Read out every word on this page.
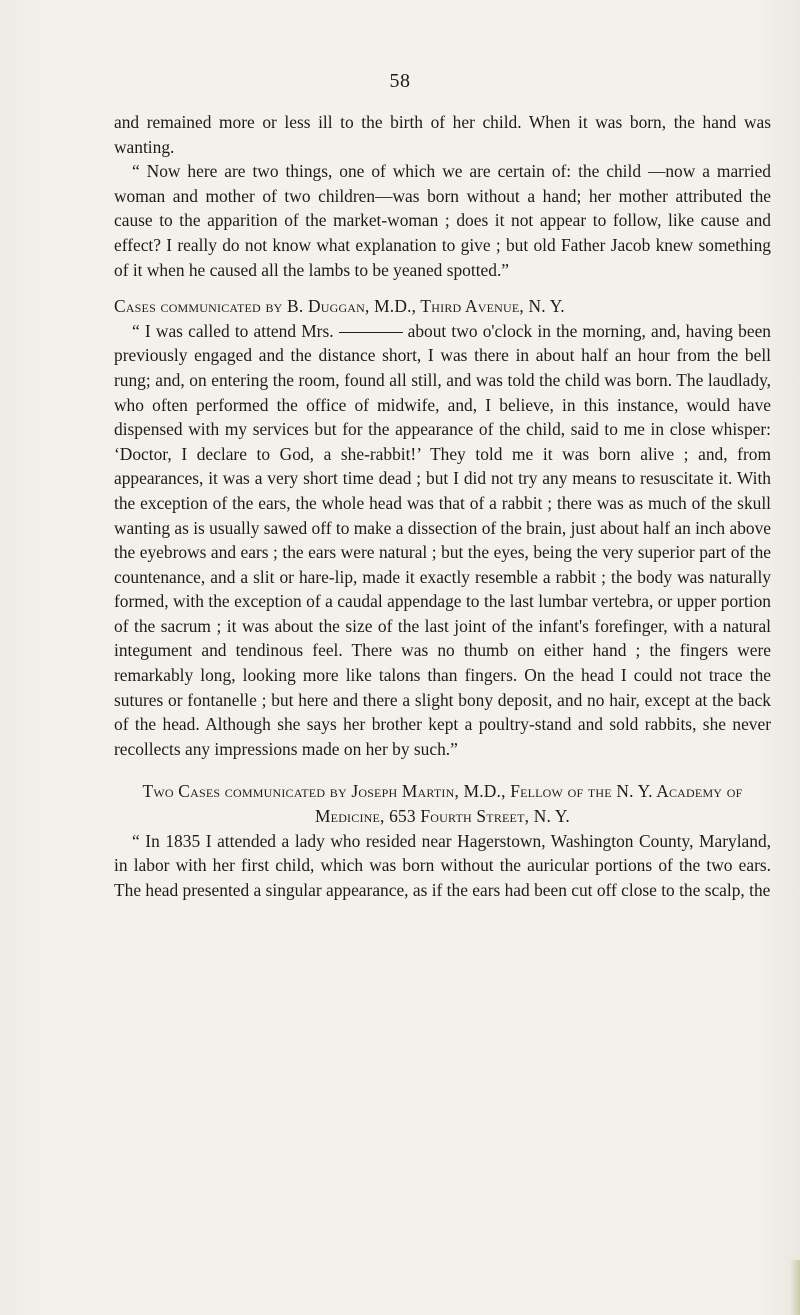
58

and remained more or less ill to the birth of her child. When it was born, the hand was wanting.

“ Now here are two things, one of which we are certain of: the child —now a married woman and mother of two children—was born without a hand; her mother attributed the cause to the apparition of the market-woman ; does it not appear to follow, like cause and effect? I really do not know what explanation to give ; but old Father Jacob knew something of it when he caused all the lambs to be yeaned spotted.”

Cases communicated by B. Duggan, M.D., Third Avenue, N. Y.

“ I was called to attend Mrs.	about two o'clock in the morning, and, having been previously engaged and the distance short, I was there in about half an hour from the bell rung; and, on entering the room, found all still, and was told the child was born. The laudlady, who often performed the office of midwife, and, I believe, in this instance, would have dispensed with my services but for the appearance of the child, said to me in close whisper: ‘Doctor, I declare to God, a she-rabbit!’ They told me it was born alive ; and, from appearances, it was a very short time dead ; but I did not try any means to resuscitate it. With the exception of the ears, the whole head was that of a rabbit ; there was as much of the skull wanting as is usually sawed off to make a dissection of the brain, just about half an inch above the eyebrows and ears ; the ears were natural ; but the eyes, being the very superior part of the countenance, and a slit or hare-lip, made it exactly resemble a rabbit ; the body was naturally formed, with the exception of a caudal appendage to the last lumbar vertebra, or upper portion of the sacrum ; it was about the size of the last joint of the infant's forefinger, with a natural integument and tendinous feel. There was no thumb on either hand ; the fingers were remarkably long, looking more like talons than fingers. On the head I could not trace the sutures or fontanelle ; but here and there a slight bony deposit, and no hair, except at the back of the head. Although she says her brother kept a poultry-stand and sold rabbits, she never recollects any impressions made on her by such.”

Two Cases communicated by Joseph Martin, M.D., Fellow of the N. Y. Academy of Medicine, 653 Fourth Street, N. Y.

“ In 1835 I attended a lady who resided near Hagerstown, Washington County, Maryland, in labor with her first child, which was born without the auricular portions of the two ears. The head presented a singular appearance, as if the ears had been cut off close to the scalp, the
